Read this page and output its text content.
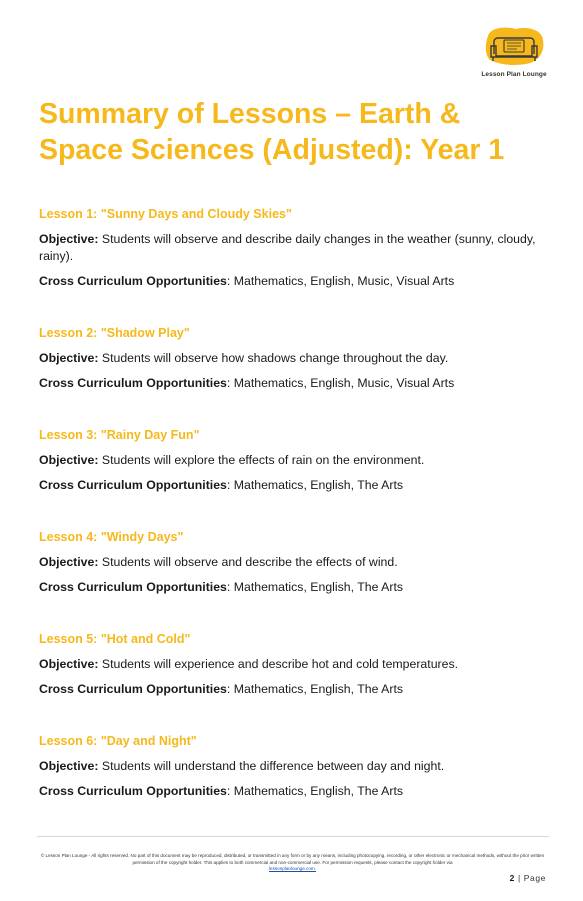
Lesson Plan Lounge
Summary of Lessons – Earth & Space Sciences (Adjusted): Year 1

Lesson 1: "Sunny Days and Cloudy Skies"

Objective: Students will observe and describe daily changes in the weather (sunny, cloudy, rainy).

Cross Curriculum Opportunities: Mathematics, English, Music, Visual Arts

Lesson 2: "Shadow Play"

Objective: Students will observe how shadows change throughout the day.

Cross Curriculum Opportunities: Mathematics, English, Music, Visual Arts

Lesson 3: "Rainy Day Fun"

Objective: Students will explore the effects of rain on the environment.

Cross Curriculum Opportunities: Mathematics, English, The Arts

Lesson 4: "Windy Days"

Objective: Students will observe and describe the effects of wind.

Cross Curriculum Opportunities: Mathematics, English, The Arts

Lesson 5: "Hot and Cold"

Objective: Students will experience and describe hot and cold temperatures.

Cross Curriculum Opportunities: Mathematics, English, The Arts

Lesson 6: "Day and Night"

Objective: Students will understand the difference between day and night.

Cross Curriculum Opportunities: Mathematics, English, The Arts

© Lesson Plan Lounge - All rights reserved. No part of this document may be reproduced, distributed, or transmitted in any form or by any means, including photocopying, recording, or other electronic or mechanical methods, without the prior written permission of the copyright holder. This applies to both commercial and non-commercial use. For permission requests, please contact the copyright holder via
lessonplanlounge.com.
2 | Page
